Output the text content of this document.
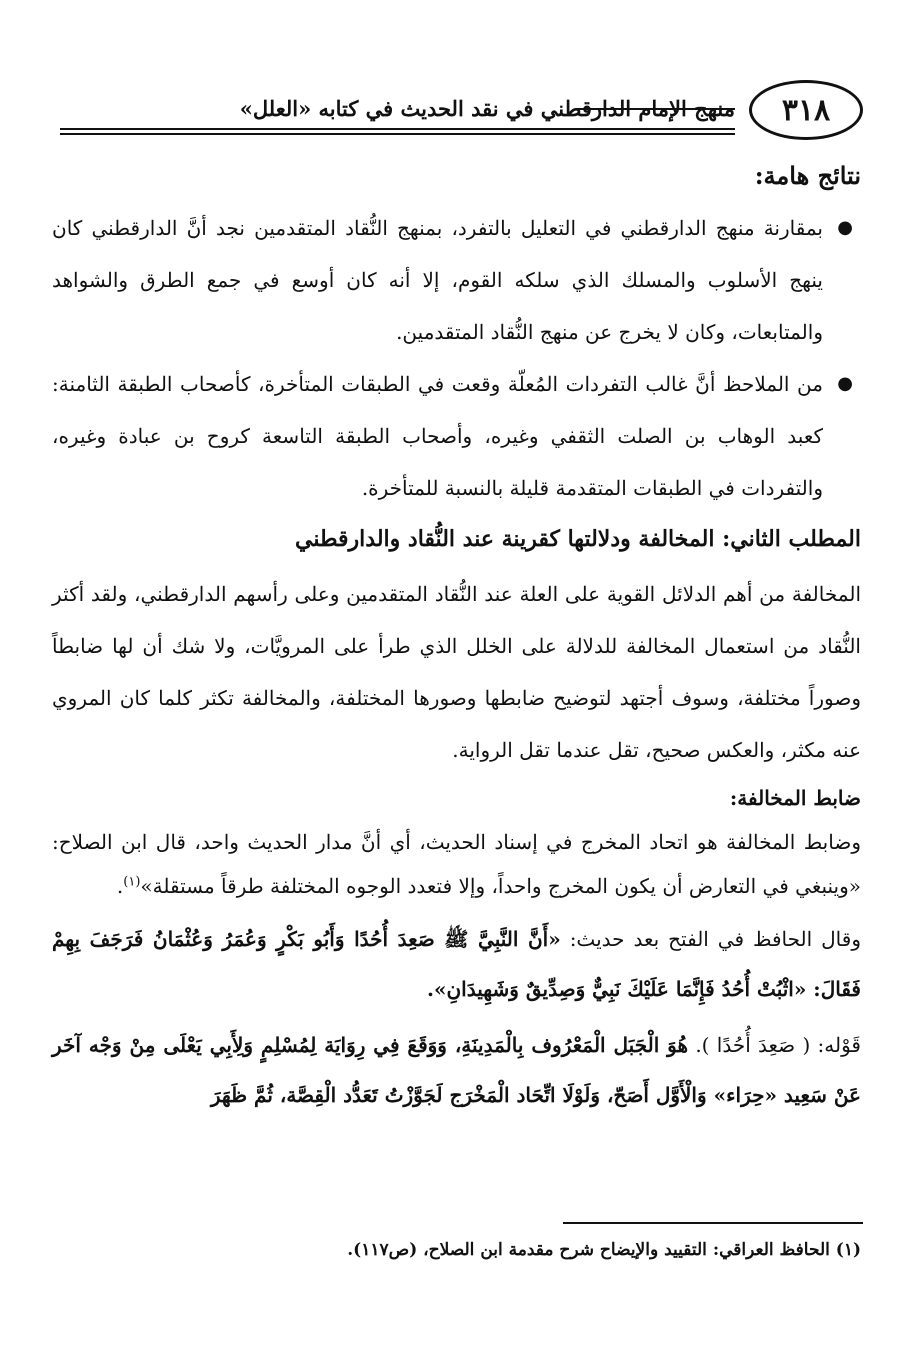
٣١٨
منهج الإمام الدارقطني في نقد الحديث في كتابه «العلل»
نتائج هامة:
●
بمقارنة منهج الدارقطني في التعليل بالتفرد، بمنهج النُّقاد المتقدمين نجد أنَّ الدارقطني كان ينهج الأسلوب والمسلك الذي سلكه القوم، إلا أنه كان أوسع في جمع الطرق والشواهد والمتابعات، وكان لا يخرج عن منهج النُّقاد المتقدمين.
●
من الملاحظ أنَّ غالب التفردات المُعلّة وقعت في الطبقات المتأخرة، كأصحاب الطبقة الثامنة: كعبد الوهاب بن الصلت الثقفي وغيره، وأصحاب الطبقة التاسعة كروح بن عبادة وغيره، والتفردات في الطبقات المتقدمة قليلة بالنسبة للمتأخرة.
المطلب الثاني: المخالفة ودلالتها كقرينة عند النُّقاد والدارقطني

المخالفة من أهم الدلائل القوية على العلة عند النُّقاد المتقدمين وعلى رأسهم الدارقطني، ولقد أكثر النُّقاد من استعمال المخالفة للدلالة على الخلل الذي طرأ على المرويَّات، ولا شك أن لها ضابطاً وصوراً مختلفة، وسوف أجتهد لتوضيح ضابطها وصورها المختلفة، والمخالفة تكثر كلما كان المروي عنه مكثر، والعكس صحيح، تقل عندما تقل الرواية.

ضابط المخالفة:

وضابط المخالفة هو اتحاد المخرج في إسناد الحديث، أي أنَّ مدار الحديث واحد، قال ابن الصلاح: «وينبغي في التعارض أن يكون المخرج واحداً، وإلا فتعدد الوجوه المختلفة طرقاً مستقلة»$^{(١)}$.

وقال الحافظ في الفتح بعد حديث: «أَنَّ النَّبِيَّ ﷺ صَعِدَ أُحُدًا وَأَبُو بَكْرٍ وَعُمَرُ وَعُثْمَانُ فَرَجَفَ بِهِمْ فَقَالَ: «اثْبُتْ أُحُدُ فَإِنَّمَا عَلَيْكَ نَبِيٌّ وَصِدِّيقٌ وَشَهِيدَانِ».

قَوْله: ( صَعِدَ أُحُدًا ). هُوَ الْجَبَل الْمَعْرُوف بِالْمَدِينَةِ، وَوَقَعَ فِي رِوَايَة لِمُسْلِمٍ وَلِأَبِي يَعْلَى مِنْ وَجْه آخَر عَنْ سَعِيد «حِرَاء» وَالْأَوَّل أَصَحّ، وَلَوْلَا اتِّحَاد الْمَخْرَج لَجَوَّزْتُ تَعَدُّد الْقِصَّة، ثُمَّ ظَهَرَ

(١) الحافظ العراقي: التقييد والإيضاح شرح مقدمة ابن الصلاح، (ص١١٧).
